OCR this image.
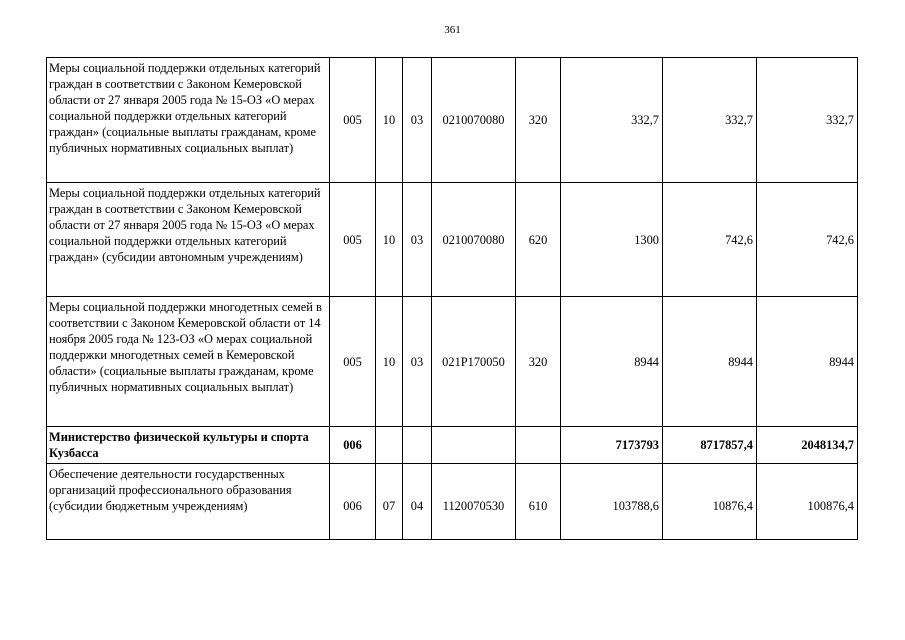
361
Меры социальной поддержки отдельных категорий граждан в соответствии с Законом Кемеровской области от 27 января 2005 года № 15-ОЗ «О мерах социальной поддержки отдельных категорий граждан» (социальные выплаты гражданам, кроме публичных нормативных социальных выплат)	005	10	03	0210070080	320	332,7	332,7	332,7
Меры социальной поддержки отдельных категорий граждан в соответствии с Законом Кемеровской области от 27 января 2005 года № 15-ОЗ «О мерах социальной поддержки отдельных категорий граждан» (субсидии автономным учреждениям)	005	10	03	0210070080	620	1300	742,6	742,6
Меры социальной поддержки многодетных семей в соответствии с Законом Кемеровской области от 14 ноября 2005 года № 123-ОЗ «О мерах социальной поддержки многодетных семей в Кемеровской области» (социальные выплаты гражданам, кроме публичных нормативных социальных выплат)	005	10	03	021P170050	320	8944	8944	8944
Министерство физической культуры и спорта Кузбасса	006					7173793	8717857,4	2048134,7
Обеспечение деятельности государственных организаций профессионального образования (субсидии бюджетным учреждениям)	006	07	04	1120070530	610	103788,6	10876,4	100876,4
